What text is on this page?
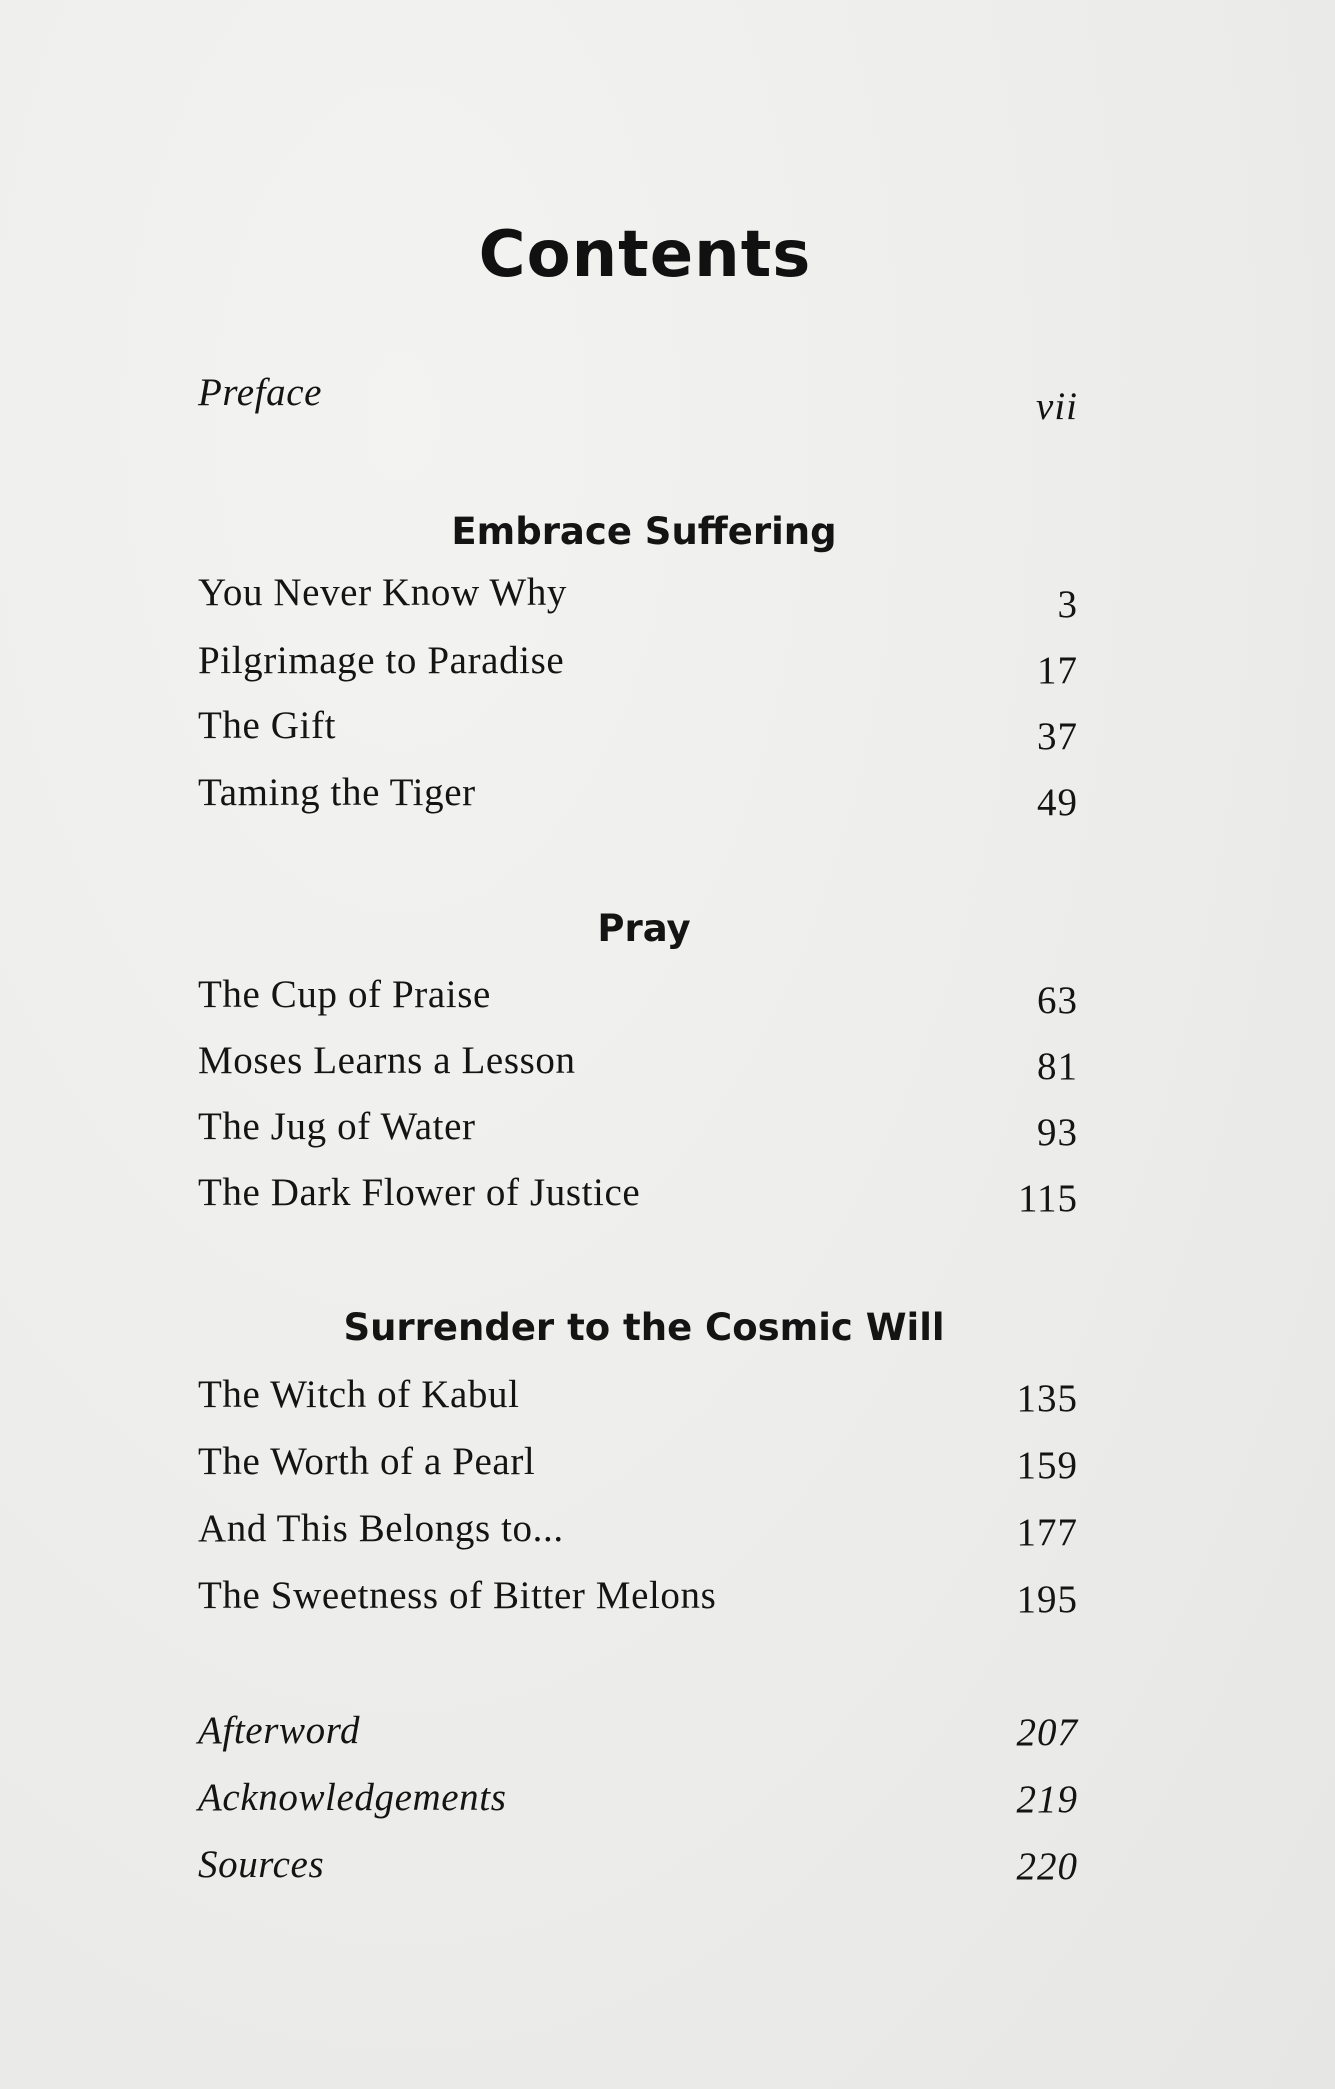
Contents
Preface	vii
Embrace Suffering
You Never Know Why	3
Pilgrimage to Paradise	17
The Gift	37
Taming the Tiger	49
Pray
The Cup of Praise	63
Moses Learns a Lesson	81
The Jug of Water	93
The Dark Flower of Justice	115
Surrender to the Cosmic Will
The Witch of Kabul	135
The Worth of a Pearl	159
And This Belongs to...	177
The Sweetness of Bitter Melons	195
Afterword	207
Acknowledgements	219
Sources	220
